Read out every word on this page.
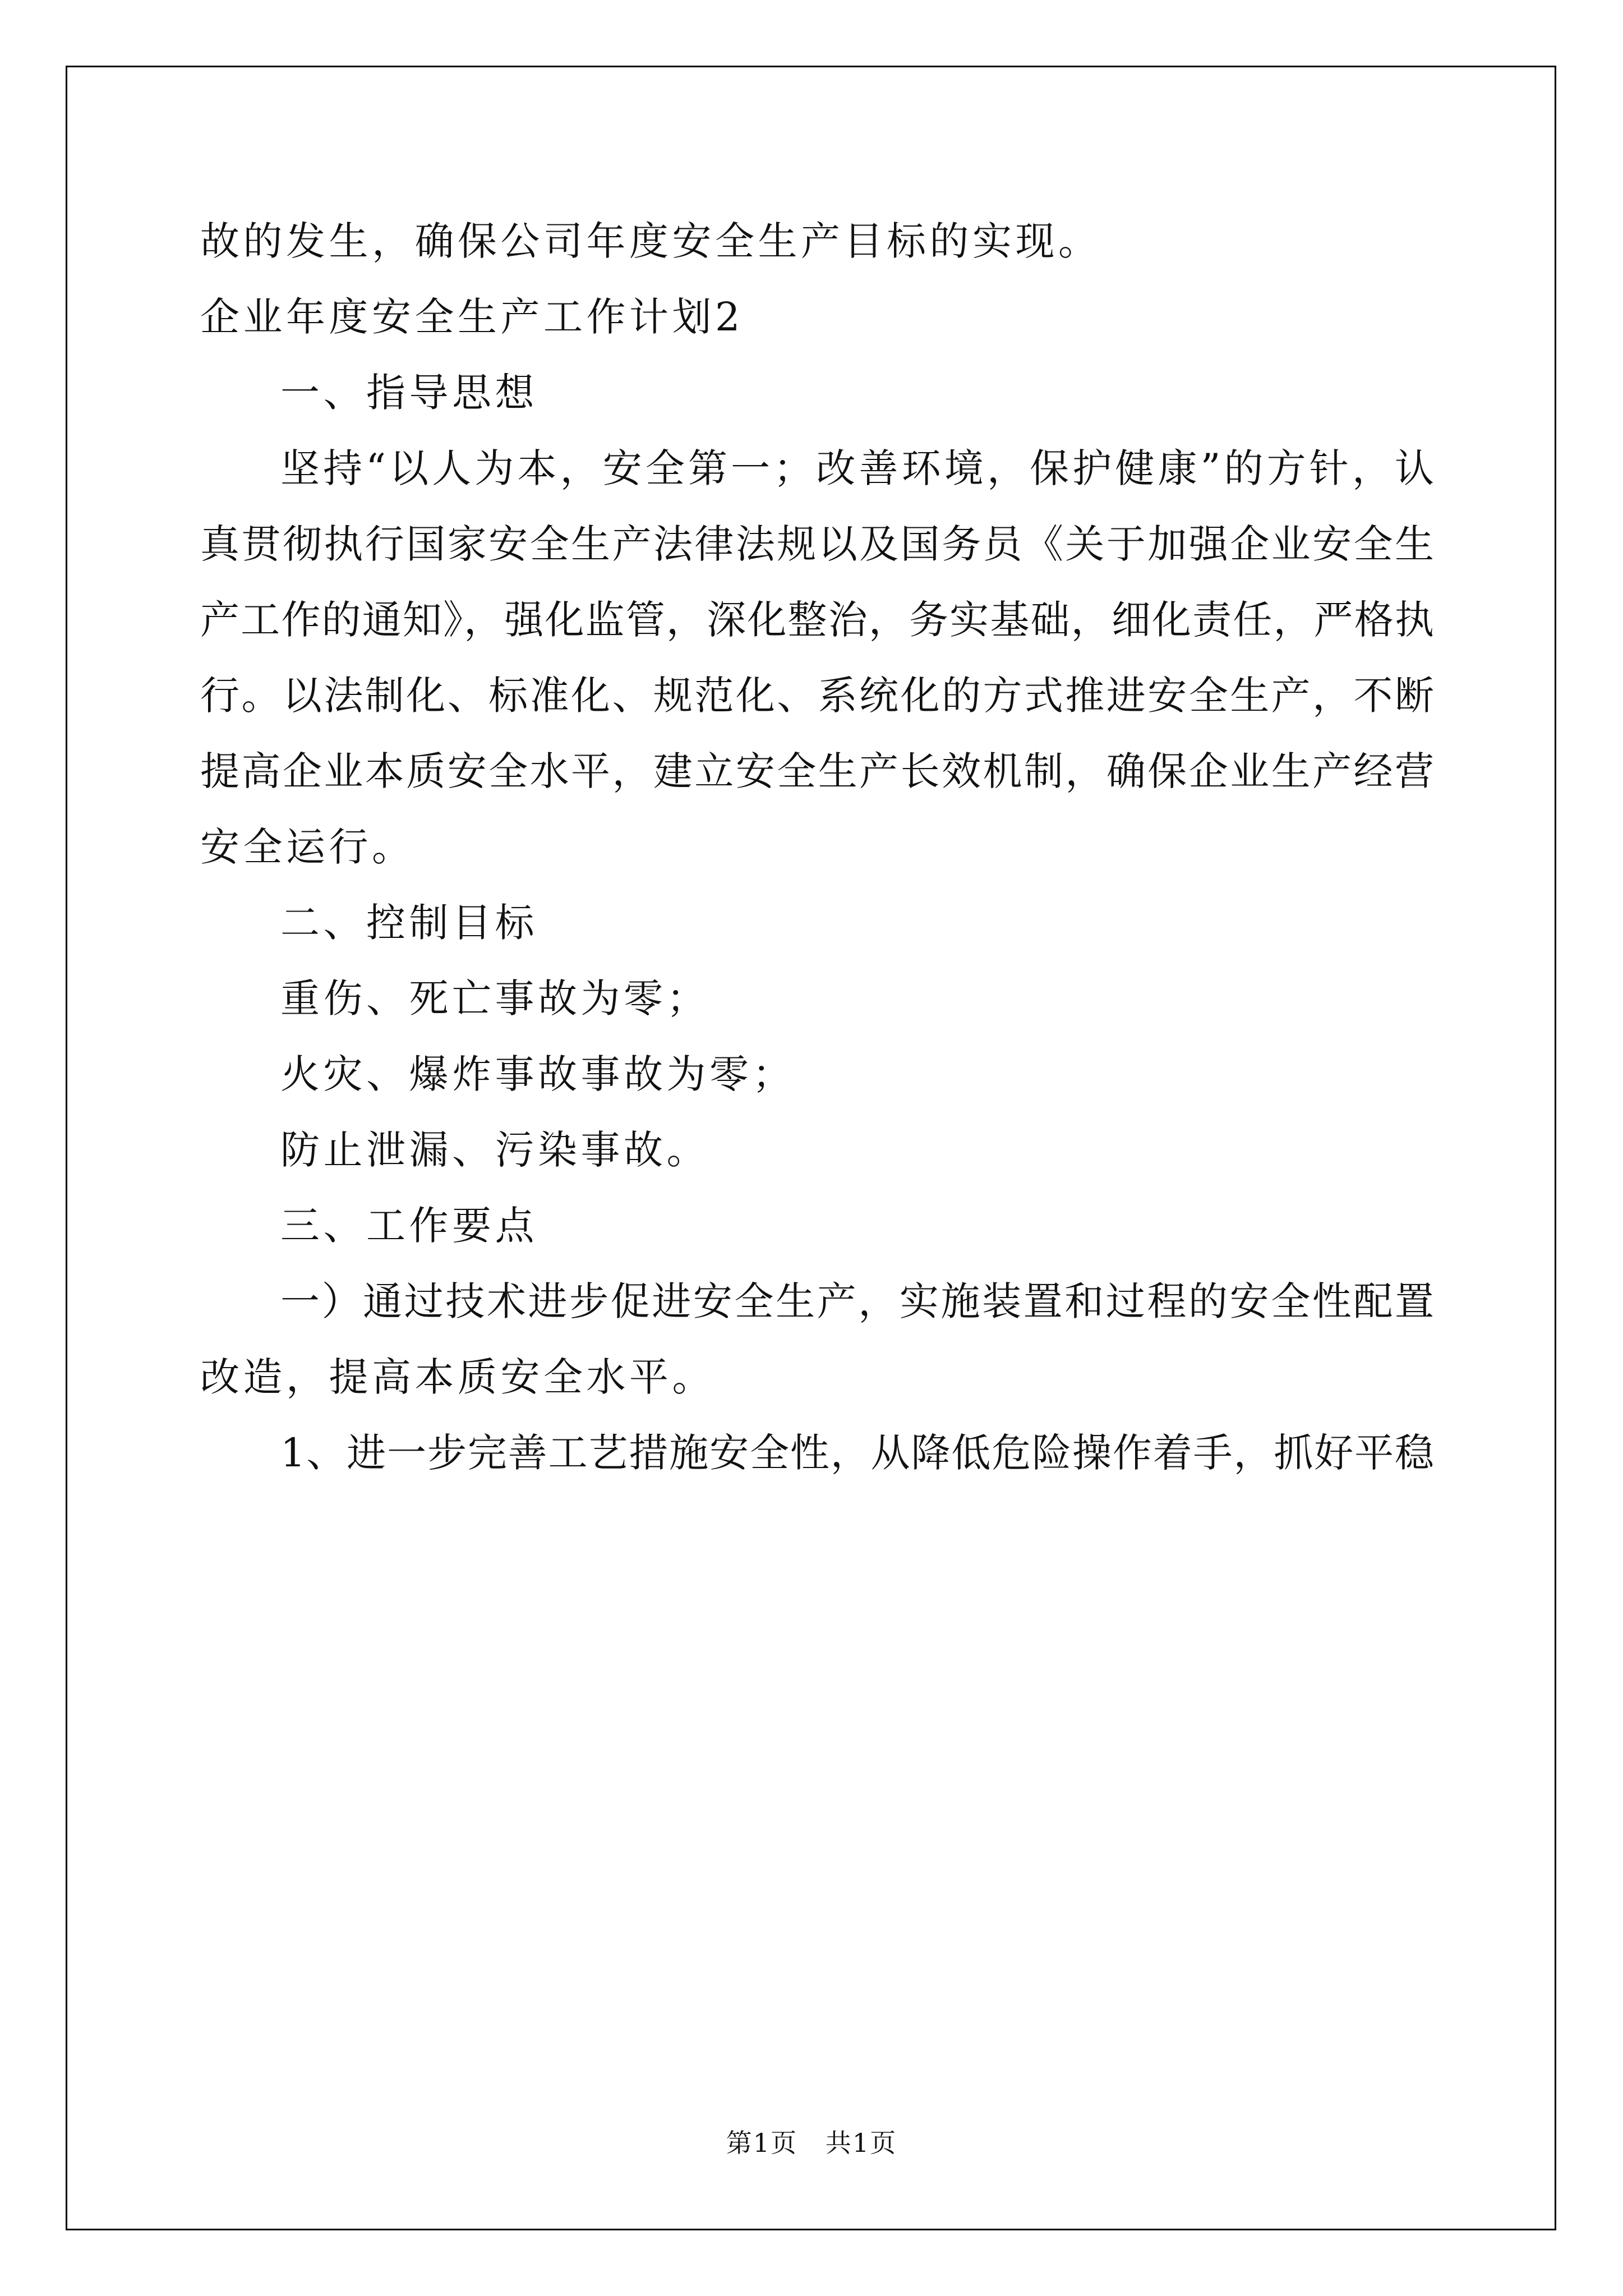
故的发生，确保公司年度安全生产目标的实现。
企业年度安全生产工作计划2
一、指导思想
坚持“以人为本，安全第一；改善环境，保护健康”的方针，认
真贯彻执行国家安全生产法律法规以及国务员《关于加强企业安全生
产工作的通知》，强化监管，深化整治，务实基础，细化责任，严格执
行。以法制化、标准化、规范化、系统化的方式推进安全生产，不断
提高企业本质安全水平，建立安全生产长效机制，确保企业生产经营
安全运行。
二、控制目标
重伤、死亡事故为零；
火灾、爆炸事故事故为零；
防止泄漏、污染事故。
三、工作要点
一）通过技术进步促进安全生产，实施装置和过程的安全性配置
改造，提高本质安全水平。
1、进一步完善工艺措施安全性，从降低危险操作着手，抓好平稳
第1页   共1页
